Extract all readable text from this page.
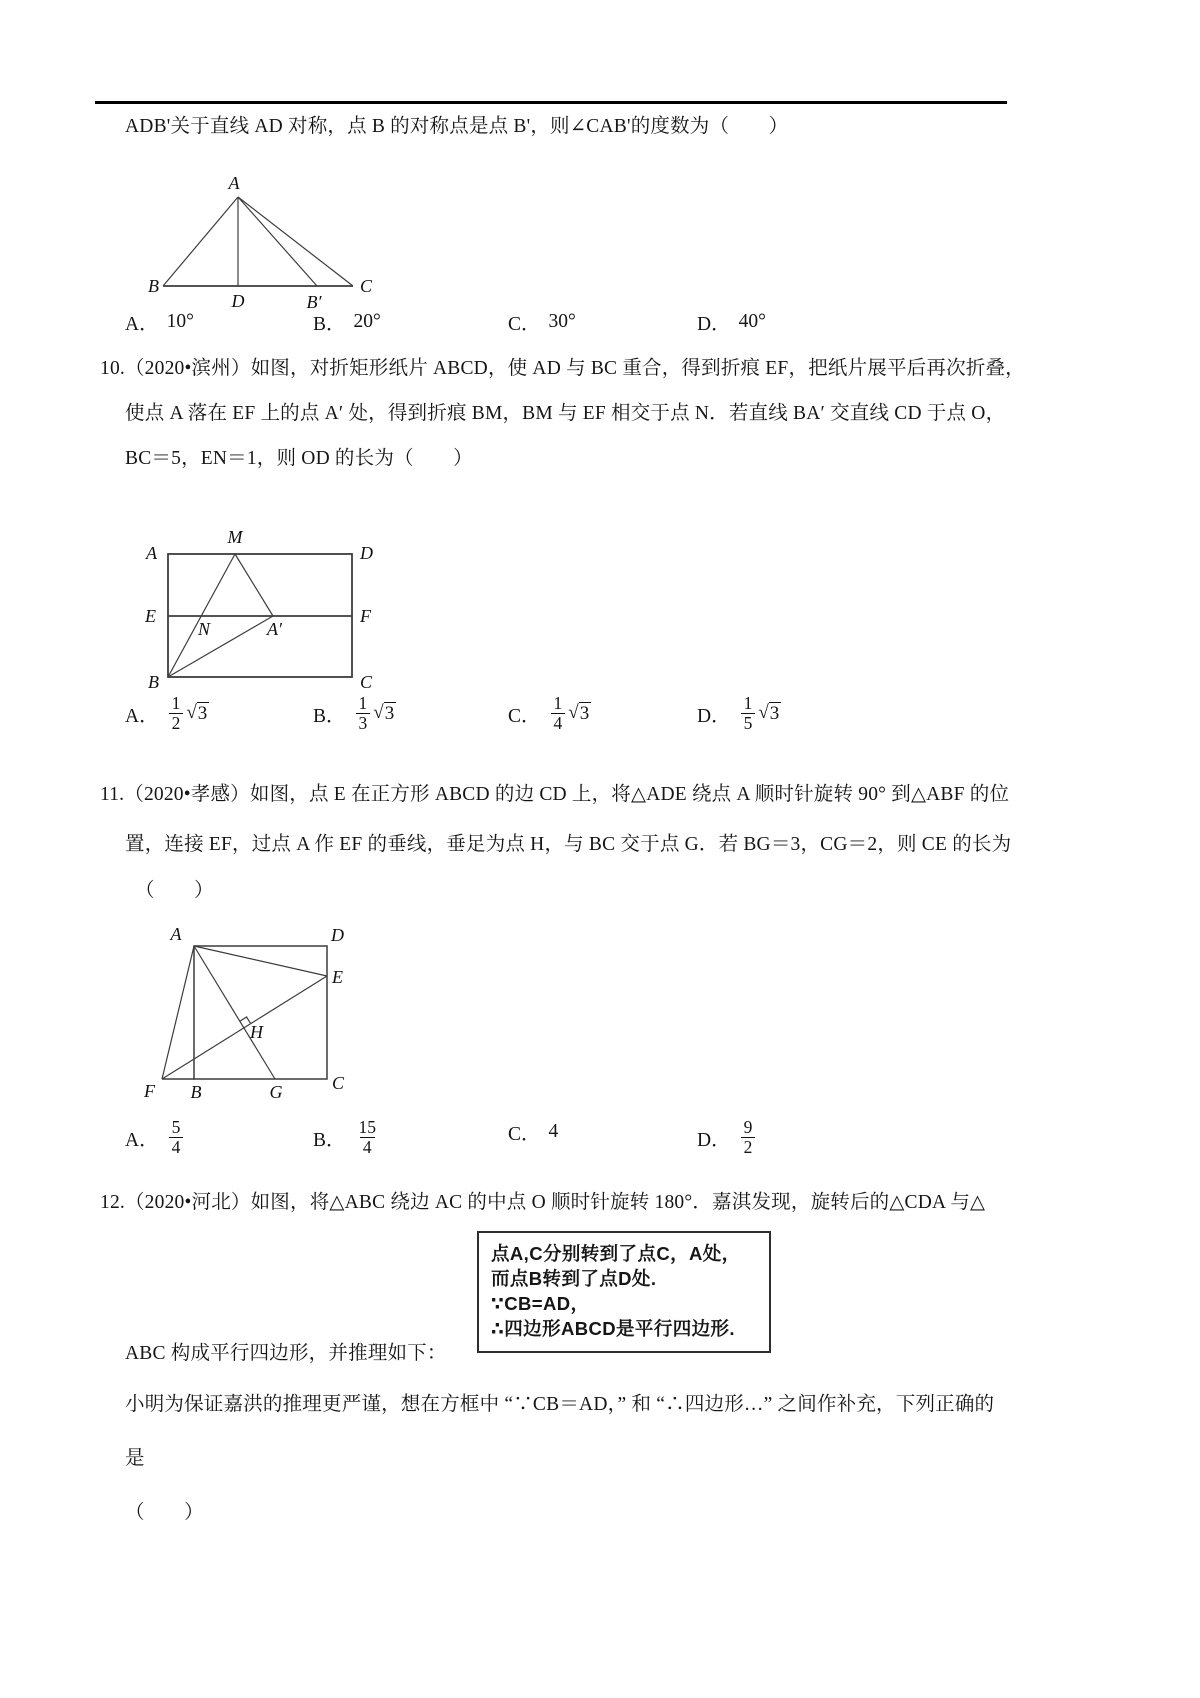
ADB'关于直线 AD 对称，点 B 的对称点是点 B'，则∠CAB'的度数为（　　）
A
B	C
D	B′
A． 10°	B． 20°	C． 30°	D． 40°
10.（2020•滨州）如图，对折矩形纸片 ABCD，使 AD 与 BC 重合，得到折痕 EF，把纸片展平后再次折叠，
使点 A 落在 EF 上的点 A′ 处，得到折痕 BM，BM 与 EF 相交于点 N．若直线 BA′ 交直线 CD 于点 O，
BC＝5，EN＝1，则 OD 的长为（　　）
A
M
D
E	F
N	A′
B	C
A． $\frac{1}{2}$ √ 3	B． $\frac{1}{3}$ √ 3	C． $\frac{1}{4}$ √ 3	D． $\frac{1}{5}$ √ 3
11.（2020•孝感）如图，点 E 在正方形 ABCD 的边 CD 上，将△ADE 绕点 A 顺时针旋转 90° 到△ABF 的位
置，连接 EF，过点 A 作 EF 的垂线，垂足为点 H，与 BC 交于点 G．若 BG＝3，CG＝2，则 CE 的长为
（　　）
A	D
E
H
F B	G	C
A． $\frac{5}{4}$	B． $\frac{15}{4}$	C． 4	D． $\frac{9}{2}$
12.（2020•河北）如图，将△ABC 绕边 AC 的中点 O 顺时针旋转 180°．嘉淇发现，旋转后的△CDA 与△
点A,C分别转到了点C，A处，
而点B转到了点D处.
∵CB=AD，
∴四边形ABCD是平行四边形.
ABC 构成平行四边形，并推理如下：
小明为保证嘉洪的推理更严谨，想在方框中 “∵CB＝AD，” 和 “∴四边形…” 之间作补充，下列正确的
是
（　　）
